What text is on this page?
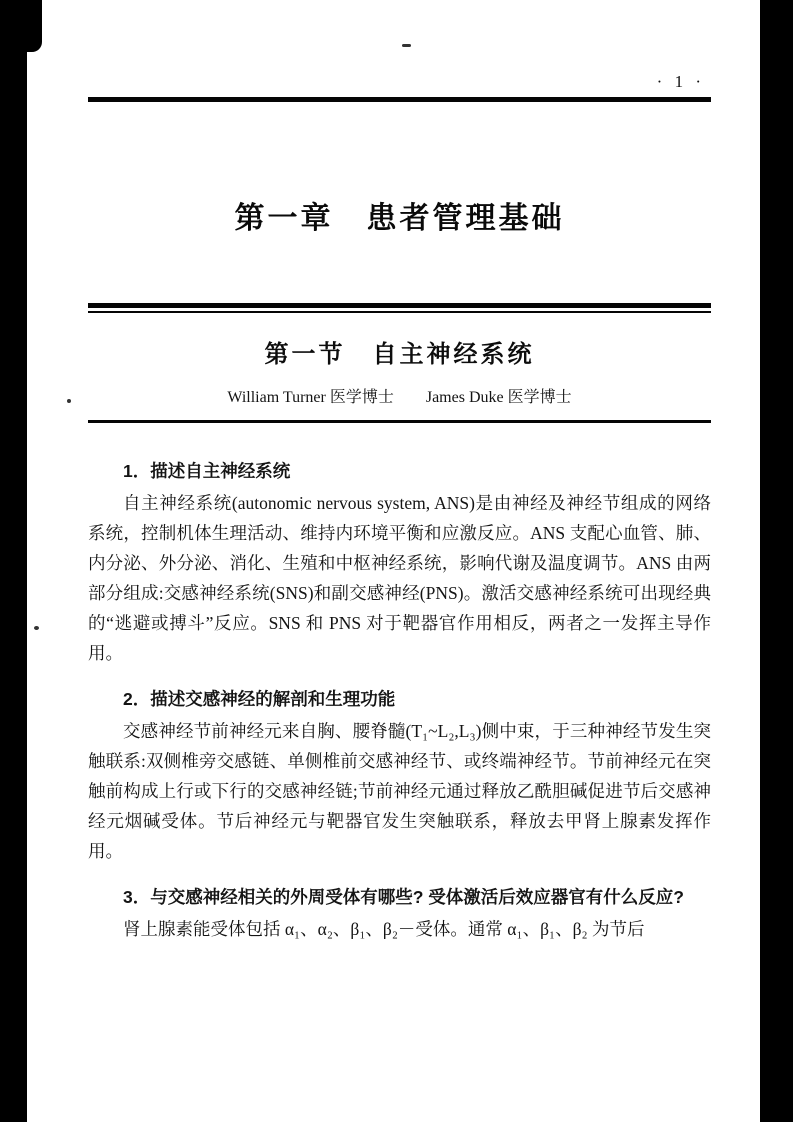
· 1 ·
第一章　患者管理基础
第一节　自主神经系统
William Turner 医学博士　　James Duke 医学博士
1．描述自主神经系统

自主神经系统(autonomic nervous system, ANS)是由神经及神经节组成的网络系统，控制机体生理活动、维持内环境平衡和应激反应。ANS 支配心血管、肺、内分泌、外分泌、消化、生殖和中枢神经系统，影响代谢及温度调节。ANS 由两部分组成:交感神经系统(SNS)和副交感神经(PNS)。激活交感神经系统可出现经典的“逃避或搏斗”反应。SNS 和 PNS 对于靶器官作用相反，两者之一发挥主导作用。

2．描述交感神经的解剖和生理功能

交感神经节前神经元来自胸、腰脊髓(T₁~L₂,L₃)侧中束，于三种神经节发生突触联系:双侧椎旁交感链、单侧椎前交感神经节、或终端神经节。节前神经元在突触前构成上行或下行的交感神经链;节前神经元通过释放乙酰胆碱促进节后交感神经元烟碱受体。节后神经元与靶器官发生突触联系，释放去甲肾上腺素发挥作用。

3．与交感神经相关的外周受体有哪些? 受体激活后效应器官有什么反应?

肾上腺素能受体包括 α₁、α₂、β₁、β₂－受体。通常 α₁、β₁、β₂ 为节后
